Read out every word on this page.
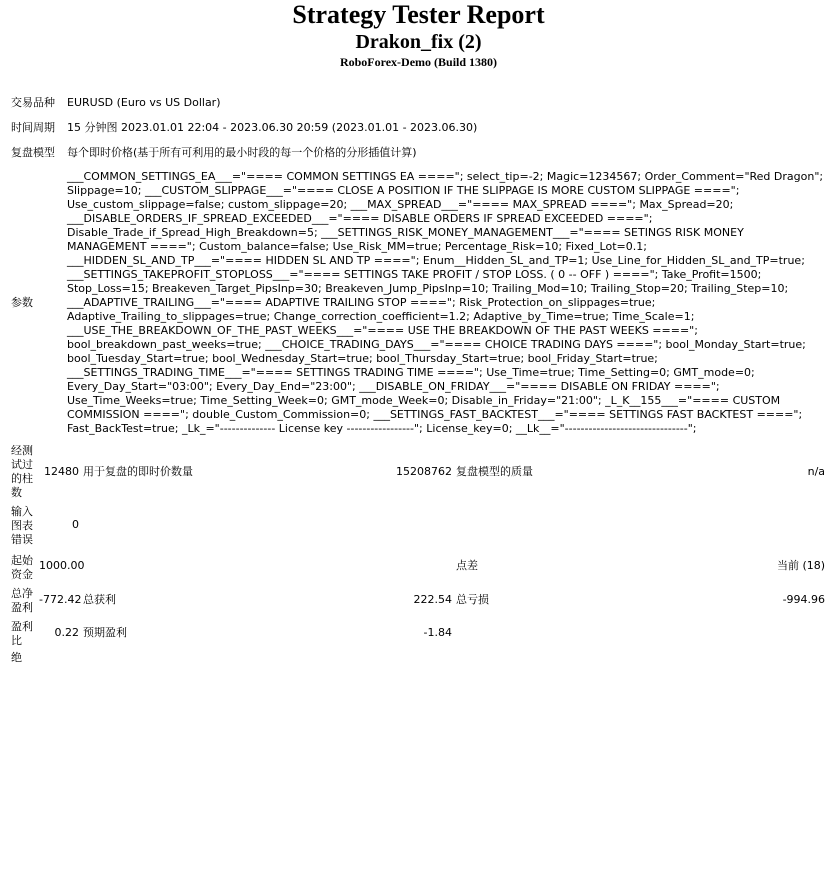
Strategy Tester Report
Drakon_fix (2)
RoboForex-Demo (Build 1380)
交易品种	EURUSD (Euro vs US Dollar)				

时间周期	15 分钟图 2023.01.01 22:04 - 2023.06.30 20:59 (2023.01.01 - 2023.06.30)				

复盘模型	每个即时价格(基于所有可利用的最小时段的每一个价格的分形插值计算)				

参数	___COMMON_SETTINGS_EA___="==== COMMON SETTINGS EA ===="; select_tip=-2; Magic=1234567; Order_Comment="Red Dragon"; Slippage=10; ___CUSTOM_SLIPPAGE___="==== CLOSE A POSITION IF THE SLIPPAGE IS MORE CUSTOM SLIPPAGE ===="; Use_custom_slippage=false; custom_slippage=20; ___MAX_SPREAD___="==== MAX_SPREAD ===="; Max_Spread=20; ___DISABLE_ORDERS_IF_SPREAD_EXCEEDED___="==== DISABLE ORDERS IF SPREAD EXCEEDED ===="; Disable_Trade_if_Spread_High_Breakdown=5; ___SETTINGS_RISK_MONEY_MANAGEMENT___="==== SETINGS RISK MONEY MANAGEMENT ===="; Custom_balance=false; Use_Risk_MM=true; Percentage_Risk=10; Fixed_Lot=0.1; ___HIDDEN_SL_AND_TP___="==== HIDDEN SL AND TP ===="; Enum__Hidden_SL_and_TP=1; Use_Line_for_Hidden_SL_and_TP=true; ___SETTINGS_TAKEPROFIT_STOPLOSS___="==== SETTINGS TAKE PROFIT / STOP LOSS. ( 0 -- OFF ) ===="; Take_Profit=1500; Stop_Loss=15; Breakeven_Target_PipsInp=30; Breakeven_Jump_PipsInp=10; Trailing_Mod=10; Trailing_Stop=20; Trailing_Step=10; ___ADAPTIVE_TRAILING___="==== ADAPTIVE TRAILING STOP ===="; Risk_Protection_on_slippages=true; Adaptive_Trailing_to_slippages=true; Change_correction_coefficient=1.2; Adaptive_by_Time=true; Time_Scale=1; ___USE_THE_BREAKDOWN_OF_THE_PAST_WEEKS___="==== USE THE BREAKDOWN OF THE PAST WEEKS ===="; bool_breakdown_past_weeks=true; ___CHOICE_TRADING_DAYS___="==== CHOICE TRADING DAYS ===="; bool_Monday_Start=true; bool_Tuesday_Start=true; bool_Wednesday_Start=true; bool_Thursday_Start=true; bool_Friday_Start=true; ___SETTINGS_TRADING_TIME___="==== SETTINGS TRADING TIME ===="; Use_Time=true; Time_Setting=0; GMT_mode=0; Every_Day_Start="03:00"; Every_Day_End="23:00"; ___DISABLE_ON_FRIDAY___="==== DISABLE ON FRIDAY ===="; Use_Time_Weeks=true; Time_Setting_Week=0; GMT_mode_Week=0; Disable_in_Friday="21:00"; _L_K__155___="==== CUSTOM COMMISSION ===="; double_Custom_Commission=0; ___SETTINGS_FAST_BACKTEST___="==== SETTINGS FAST BACKTEST ===="; Fast_BackTest=true; _Lk_="-------------- License key -----------------"; License_key=0; __Lk__="-------------------------------";				

经测试过的柱数	12480	用于复盘的即时价数量	15208762	复盘模型的质量	n/a
输入图表错误	0				
起始资金	1000.00			点差	当前 (18)
总净盈利	-772.42	总获利	222.54	总亏损	-994.96
盈利比	0.22	预期盈利	-1.84		
绝					
